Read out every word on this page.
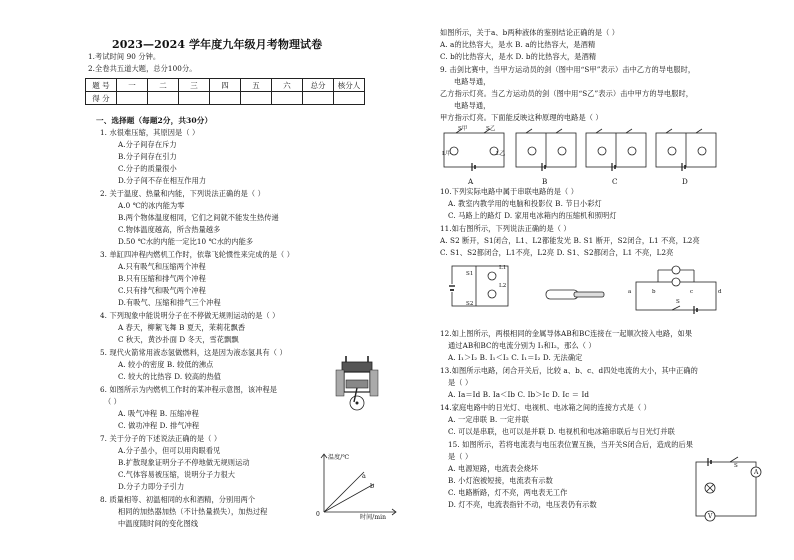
2023—2024 学年度九年级月考物理试卷
1.考试时间 90 分钟。
2.全卷共五道大题，总分100分。
题 号	一	二	三	四	五	六	总分	核分人
得 分								
一、选择题（每题2分，共30分）
1. 水很难压缩，其原因是（ ）
A.分子间存在斥力
B.分子间存在引力
C.分子的质量很小
D.分子间不存在相互作用力
2. 关于温度、热量和内能，下列说法正确的是（ ）
A.0 ℃的冰内能为零
B.两个物体温度相同，它们之间就不能发生热传递
C.物体温度越高，所含热量越多
D.50 ℃水的内能一定比10 ℃水的内能多
3. 单缸四冲程内燃机工作时，依靠飞轮惯性来完成的是（ ）
A.只有吸气和压缩两个冲程
B.只有压缩和排气两个冲程
C.只有排气和吸气两个冲程
D.有吸气、压缩和排气三个冲程
4. 下列现象中能说明分子在不停做无规则运动的是（ ）
A 春天，柳絮飞舞 B 夏天，茉莉花飘香
C 秋天，黄沙扑面 D 冬天，雪花飘飘
5. 现代火箭常用液态氢做燃料，这是因为液态氢具有（ ）
A. 较小的密度 B. 较低的沸点
C. 较大的比热容 D. 较高的热值
6. 如图所示为内燃机工作时的某冲程示意图，该冲程是
（ ）
A. 吸气冲程 B. 压缩冲程
C. 做功冲程 D. 排气冲程
7. 关于分子的下述说法正确的是（ ）
A.分子虽小，但可以用肉眼看见
B.扩散现象证明分子不停地做无规则运动
C.气体容易被压缩，说明分子力很大
D.分子力即分子引力
8. 质量相等、初温相同的水和酒精，分别用两个
相同的加热器加热（不计热量损失），加热过程
中温度随时间的变化图线
温度/℃
a
b
0	时间/min
如图所示，关于a、b两种液体的鉴别结论正确的是（ ）
A. a的比热容大，是水 B. a的比热容大，是酒精
C. b的比热容大，是水 D. b的比热容大，是酒精
9. 击剑比赛中，当甲方运动员的剑（图中用“S甲”表示）击中乙方的导电服时，
电路导通，
乙方指示灯亮。当乙方运动员的剑（图中用“S乙”表示）击中甲方的导电服时，
电路导通，
甲方指示灯亮。下面能反映这种原理的电路是（ ）
S甲	S乙
L甲	L乙
A	B	C	D
10.下列实际电路中属于串联电路的是（ ）
A. 教室内教学用的电脑和投影仪 B. 节日小彩灯
C. 马路上的路灯 D. 家用电冰箱内的压缩机和照明灯
11.如右图所示，下列说法正确的是（ ）
A. S2 断开，S1闭合，L1、L2都能发光 B. S1 断开，S2闭合，L1 不亮，L2亮
C. S1、S2都闭合，L1不亮，L2亮 D. S1、S2都闭合，L1 不亮，L2亮
L1
L2
S1
S2
a	b	c	d
S
12.如上图所示，两根相同的金属导体AB和BC连接在一起顺次接入电路，如果
通过AB和BC的电流分别为 I₁和I₂，那么（ ）
A. I₁＞I₂ B. I₁＜I₂ C. I₁＝I₂ D. 无法确定
13.如图所示电路，闭合开关后，比较 a、b、c、d四处电流的大小，其中正确的
是（ ）
A. Ia＝Id B. Ia＜Ib C. Ib＞Ic D. Ic ＝ Id
14.家庭电路中的日光灯、电视机、电冰箱之间的连接方式是（ ）
A. 一定串联 B. 一定并联
C. 可以是串联，也可以是并联 D. 电视机和电冰箱串联后与日光灯并联
15. 如图所示，若将电流表与电压表位置互换，当开关S闭合后，造成的后果
是（ ）
A. 电源短路，电流表会烧坏
B. 小灯泡被短接，电流表有示数
C. 电路断路，灯不亮，两电表无工作
D. 灯不亮，电流表指针不动，电压表仍有示数
S
A
V
